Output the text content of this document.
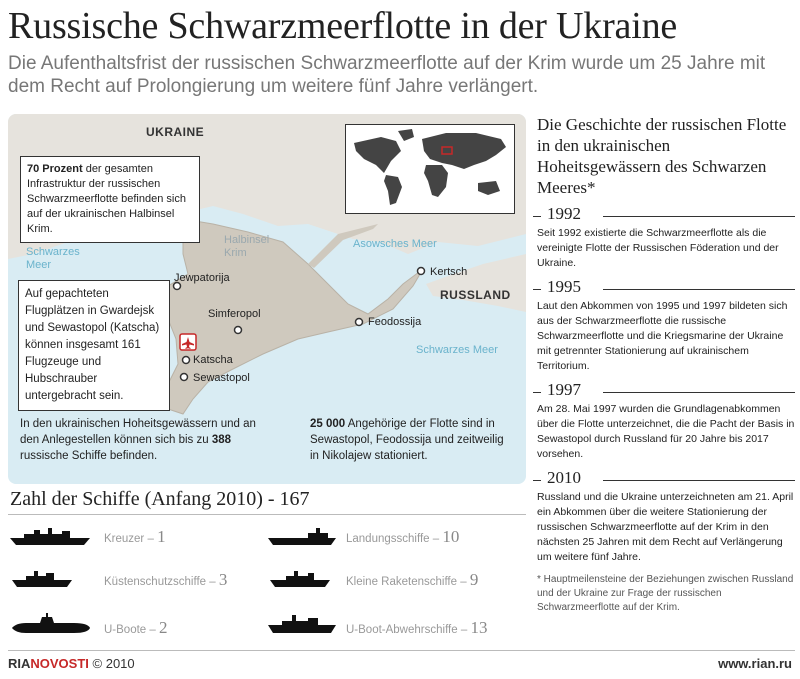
Russische Schwarzmeerflotte in der Ukraine

Die Aufenthaltsfrist der russischen Schwarzmeerflotte auf der Krim wurde um 25 Jahre mit dem Recht auf Prolongierung um weitere fünf Jahre verlängert.

UKRAINE
RUSSLAND
Schwarzes
Meer
Asowsches Meer
Schwarzes Meer
Halbinsel
Krim
Jewpatorija
Simferopol
Katscha
Sewastopol
Kertsch
Feodossija
70 Prozent der gesamten Infrastruktur der russischen Schwarzmeerflotte befinden sich auf der ukrainischen Halbinsel Krim.
Auf gepachteten Flugplätzen in Gwardejsk und Sewastopol (Katscha) können insgesamt 161 Flugzeuge und Hubschrauber untergebracht sein.
In den ukrainischen Hoheitsgewässern und an den Anlegestellen können sich bis zu 388 russische Schiffe befinden.
25 000 Angehörige der Flotte sind in Sewastopol, Feodossija und zeitweilig in Nikolajew stationiert.
Die Geschichte der russischen Flotte in den ukrainischen Hoheitsgewässern des Schwarzen Meeres*
1992
Seit 1992 existierte die Schwarzmeerflotte als die vereinigte Flotte der Russischen Föderation und der Ukraine.
1995
Laut den Abkommen von 1995 und 1997 bildeten sich aus der Schwarzmeerflotte die russische Schwarzmeerflotte und die Kriegsmarine der Ukraine mit getrennter Stationierung auf ukrainischem Territorium.
1997
Am 28. Mai 1997 wurden die Grundlagenabkommen über die Flotte unterzeichnet, die die Pacht der Basis in Sewastopol durch Russland für 20 Jahre bis 2017 vorsehen.
2010
Russland und die Ukraine unterzeichneten am 21. April ein Abkommen über die weitere Stationierung der russischen Schwarzmeerflotte auf der Krim in den nächsten 25 Jahren mit dem Recht auf Verlängerung um weitere fünf Jahre.
* Hauptmeilensteine der Beziehungen zwischen Russland und der Ukraine zur Frage der russischen Schwarzmeerflotte auf der Krim.
Zahl der Schiffe (Anfang 2010) - 167
Kreuzer – 1
Küstenschutzschiffe – 3
U-Boote – 2
Landungsschiffe – 10
Kleine Raketenschiffe – 9
U-Boot-Abwehrschiffe – 13
RIANOVOSTI © 2010	www.rian.ru
